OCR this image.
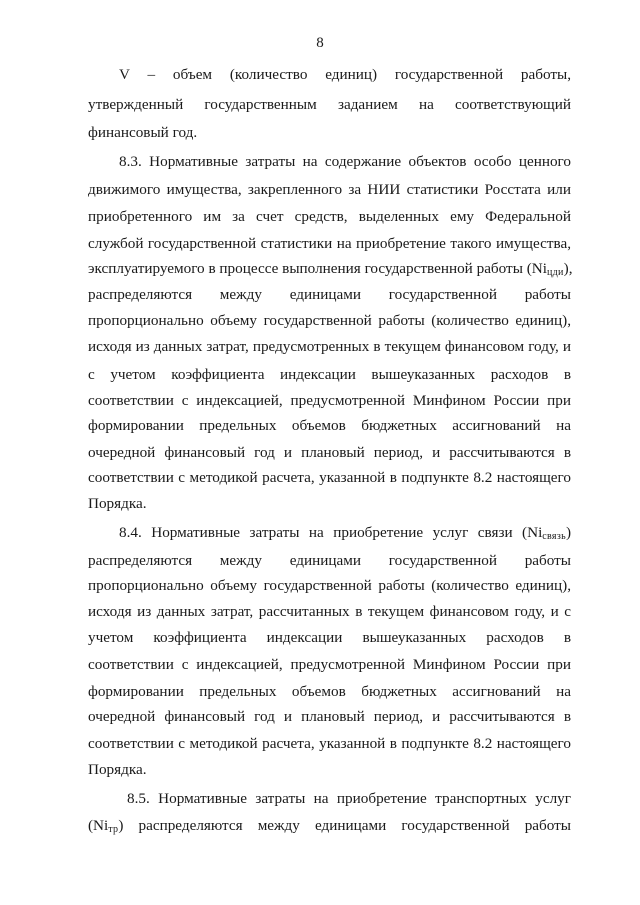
8
V – объем (количество единиц) государственной работы,
утвержденный государственным заданием на соответствующий
финансовый год.
8.3. Нормативные затраты на содержание объектов особо ценного
движимого имущества, закрепленного за НИИ статистики Росстата или
приобретенного им за счет средств, выделенных ему Федеральной
службой государственной статистики на приобретение такого имущества,
эксплуатируемого в процессе выполнения государственной работы (Niцди),
распределяются между единицами государственной работы
пропорционально объему государственной работы (количество единиц),
исходя из данных затрат, предусмотренных в текущем финансовом году, и
с учетом коэффициента индексации вышеуказанных расходов в
соответствии с индексацией, предусмотренной Минфином России при
формировании предельных объемов бюджетных ассигнований на
очередной финансовый год и плановый период, и рассчитываются в
соответствии с методикой расчета, указанной в подпункте 8.2 настоящего
Порядка.
8.4. Нормативные затраты на приобретение услуг связи (Niсвязь)
распределяются между единицами государственной работы
пропорционально объему государственной работы (количество единиц),
исходя из данных затрат, рассчитанных в текущем финансовом году, и с
учетом коэффициента индексации вышеуказанных расходов в
соответствии с индексацией, предусмотренной Минфином России при
формировании предельных объемов бюджетных ассигнований на
очередной финансовый год и плановый период, и рассчитываются в
соответствии с методикой расчета, указанной в подпункте 8.2 настоящего
Порядка.
8.5. Нормативные затраты на приобретение транспортных услуг
(Niтр) распределяются между единицами государственной работы
